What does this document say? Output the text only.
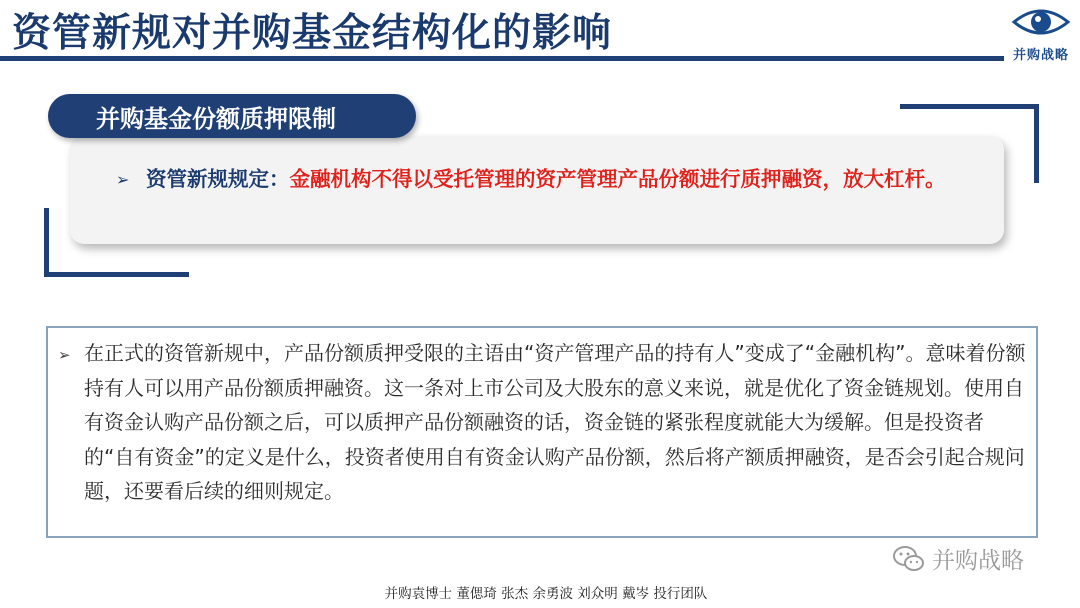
资管新规对并购基金结构化的影响	并购战略
并购基金份额质押限制
➢ 资管新规规定：金融机构不得以受托管理的资产管理产品份额进行质押融资，放大杠杆。
➢ 在正式的资管新规中，产品份额质押受限的主语由“资产管理产品的持有人”变成了“金融机构”。意味着份额持有人可以用产品份额质押融资。这一条对上市公司及大股东的意义来说，就是优化了资金链规划。使用自有资金认购产品份额之后，可以质押产品份额融资的话，资金链的紧张程度就能大为缓解。但是投资者的“自有资金”的定义是什么，投资者使用自有资金认购产品份额，然后将产额质押融资，是否会引起合规问题，还要看后续的细则规定。
并购战略
并购袁博士 董偲琦 张杰 余勇波 刘众明 戴岑 投行团队
